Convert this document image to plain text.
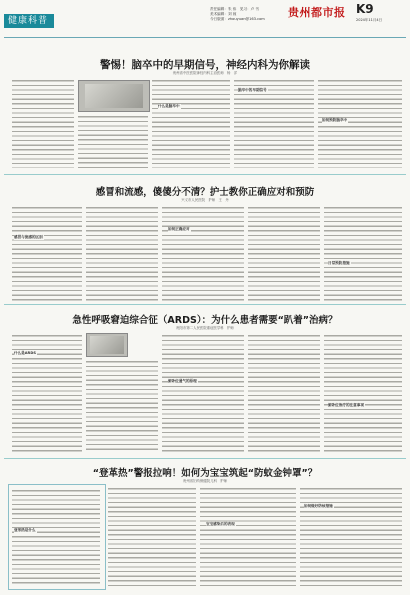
健康科普
责任编辑：朱 伟　见习：卢 书
美术编辑：刘 琼
今日版面：zhouyuan@163.com	贵州都市报 K9
2024年11月4日
警惕！脑卒中的早期信号，神经内科为你解读
贵州省中医医院神经内科主治医师　杨　洋
什么是脑卒中
脑卒中的早期信号
如何预防脑卒中
感冒和流感，傻傻分不清？护士教你正确应对和预防
兴义市人民医院　护师　王　丹
感冒与流感的区别
如何正确应对
日常预防措施
急性呼吸窘迫综合征（ARDS）：为什么患者需要“趴着”治病？
贵阳市第二人民医院重症医学科　护师
什么是ARDS
俯卧位通气的原理
俯卧位治疗的注意事项
“登革热”警报拉响！如何为宝宝筑起“防蚊金钟罩”？
贵州省妇幼保健院儿科　护师
登革热是什么
宝宝感染后的表现
如何做好防蚊措施
